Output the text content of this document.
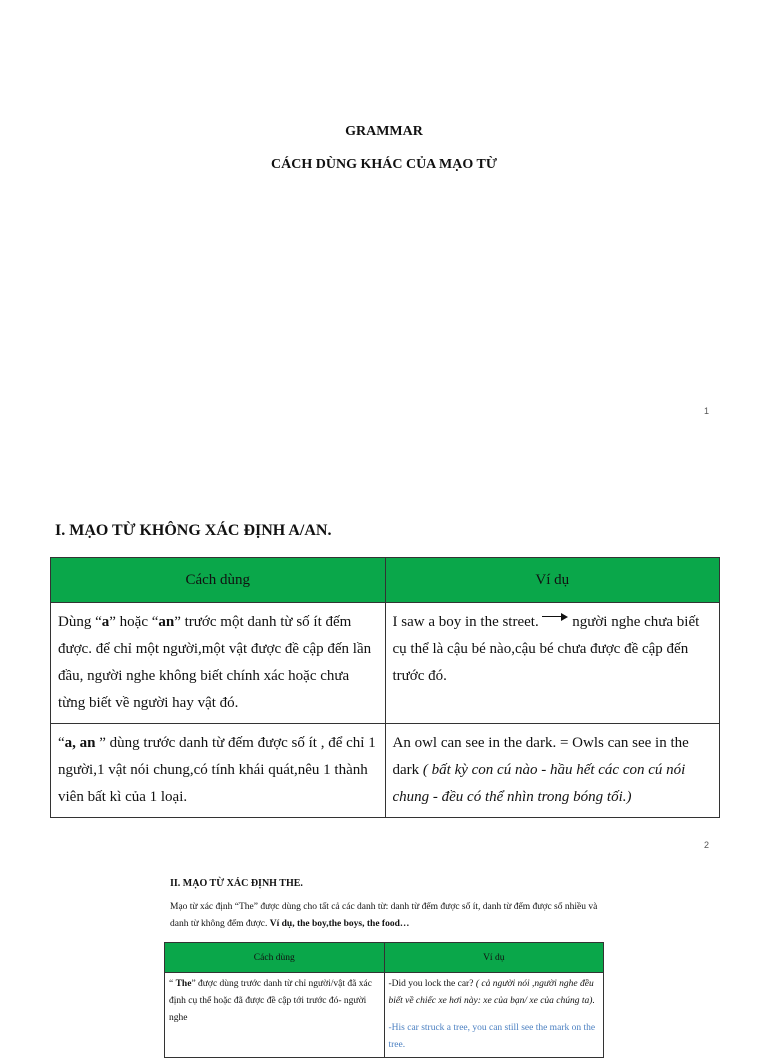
GRAMMAR
CÁCH DÙNG KHÁC CỦA MẠO TỪ
1
I. MẠO TỪ KHÔNG XÁC ĐỊNH A/AN.
Cách dùng	Ví dụ
Dùng “a” hoặc “an” trước một danh từ số ít đếm được. để chỉ một người,một vật được đề cập đến lần đầu, người nghe không biết chính xác hoặc chưa từng biết về người hay vật đó.	I saw a boy in the street. người nghe chưa biết cụ thể là cậu bé nào,cậu bé chưa được đề cập đến trước đó.
“a, an ” dùng trước danh từ đếm được số ít , để chỉ 1 người,1 vật nói chung,có tính khái quát,nêu 1 thành viên bất kì của 1 loại.	An owl can see in the dark. = Owls can see in the dark ( bất kỳ con cú nào - hầu hết các con cú nói chung - đều có thể nhìn trong bóng tối.)
2
II. MẠO TỪ XÁC ĐỊNH THE.
Mạo từ xác định “The” được dùng cho tất cả các danh từ: danh từ đếm được số ít, danh từ đếm được số nhiều và danh từ không đếm được. Ví dụ, the boy,the boys, the food…
Cách dùng	Ví dụ
“ The” được dùng trước danh từ chỉ người/vật đã xác định cụ thể hoặc đã được đề cập tới trước đó- người nghe	-Did you lock the car? ( cả người nói ,người nghe đều biết về chiếc xe hơi này: xe của bạn/ xe của chúng ta).
-His car struck a tree, you can still see the mark on the tree.
